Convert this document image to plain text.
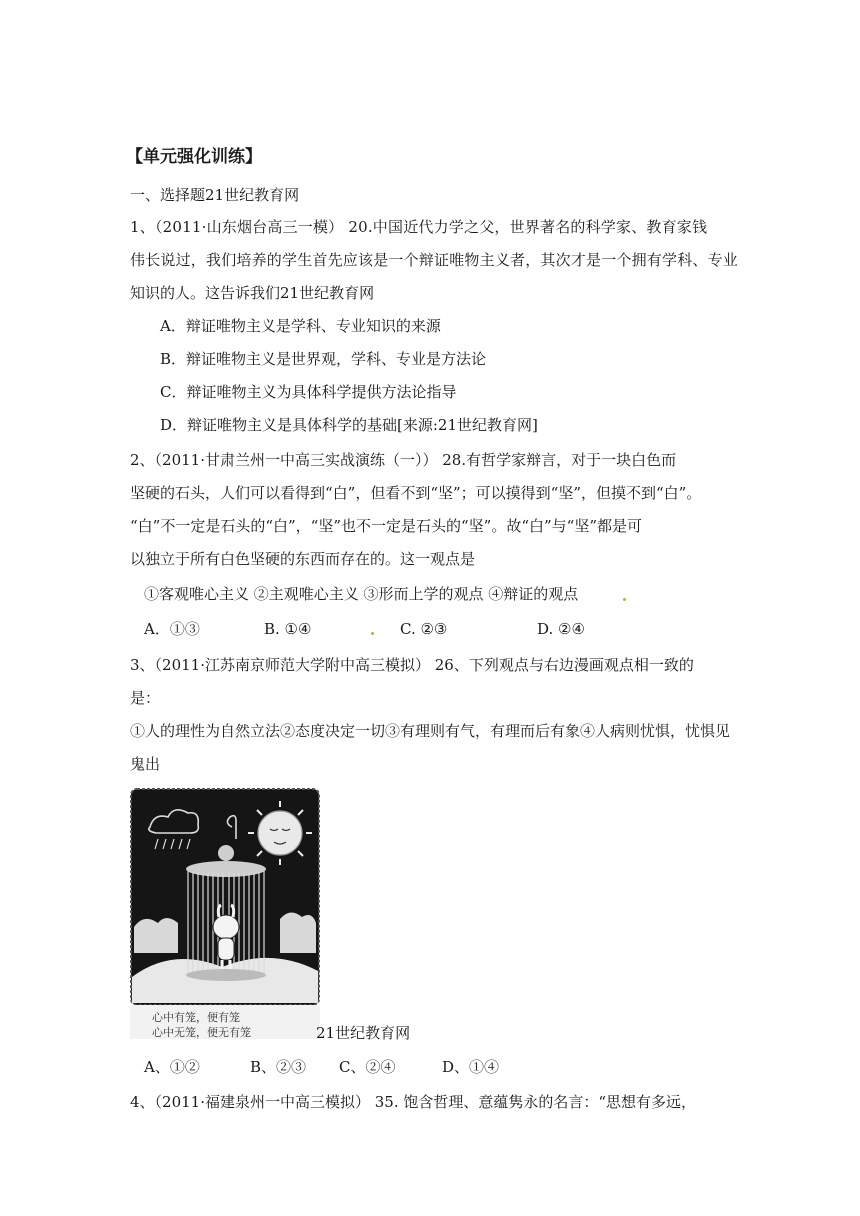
【单元强化训练】
一、选择题21世纪教育网
1、（2011·山东烟台高三一模） 20.中国近代力学之父，世界著名的科学家、教育家钱
伟长说过，我们培养的学生首先应该是一个辩证唯物主义者，其次才是一个拥有学科、专业
知识的人。这告诉我们21世纪教育网
A．辩证唯物主义是学科、专业知识的来源
B．辩证唯物主义是世界观，学科、专业是方法论
C．辩证唯物主义为具体科学提供方法论指导
D．辩证唯物主义是具体科学的基础[来源:21世纪教育网]
2、（2011·甘肃兰州一中高三实战演练（一）） 28.有哲学家辩言，对于一块白色而
坚硬的石头，人们可以看得到“白”，但看不到“坚”；可以摸得到“坚”，但摸不到“白”。
“白”不一定是石头的“白”，“坚”也不一定是石头的“坚”。故“白”与“坚”都是可
以独立于所有白色坚硬的东西而存在的。这一观点是
①客观唯心主义 ②主观唯心主义 ③形而上学的观点 ④辩证的观点
A．①③	B. ①④	C. ②③	D. ②④
3、（2011·江苏南京师范大学附中高三模拟） 26、下列观点与右边漫画观点相一致的
是：
①人的理性为自然立法②态度决定一切③有理则有气，有理而后有象④人病则忧惧，忧惧见
鬼出
心中有笼，便有笼
心中无笼，便无有笼	21世纪教育网
A、①②	B、②③ C、②④	D、①④
4、（2011·福建泉州一中高三模拟） 35. 饱含哲理、意蕴隽永的名言：“思想有多远，
